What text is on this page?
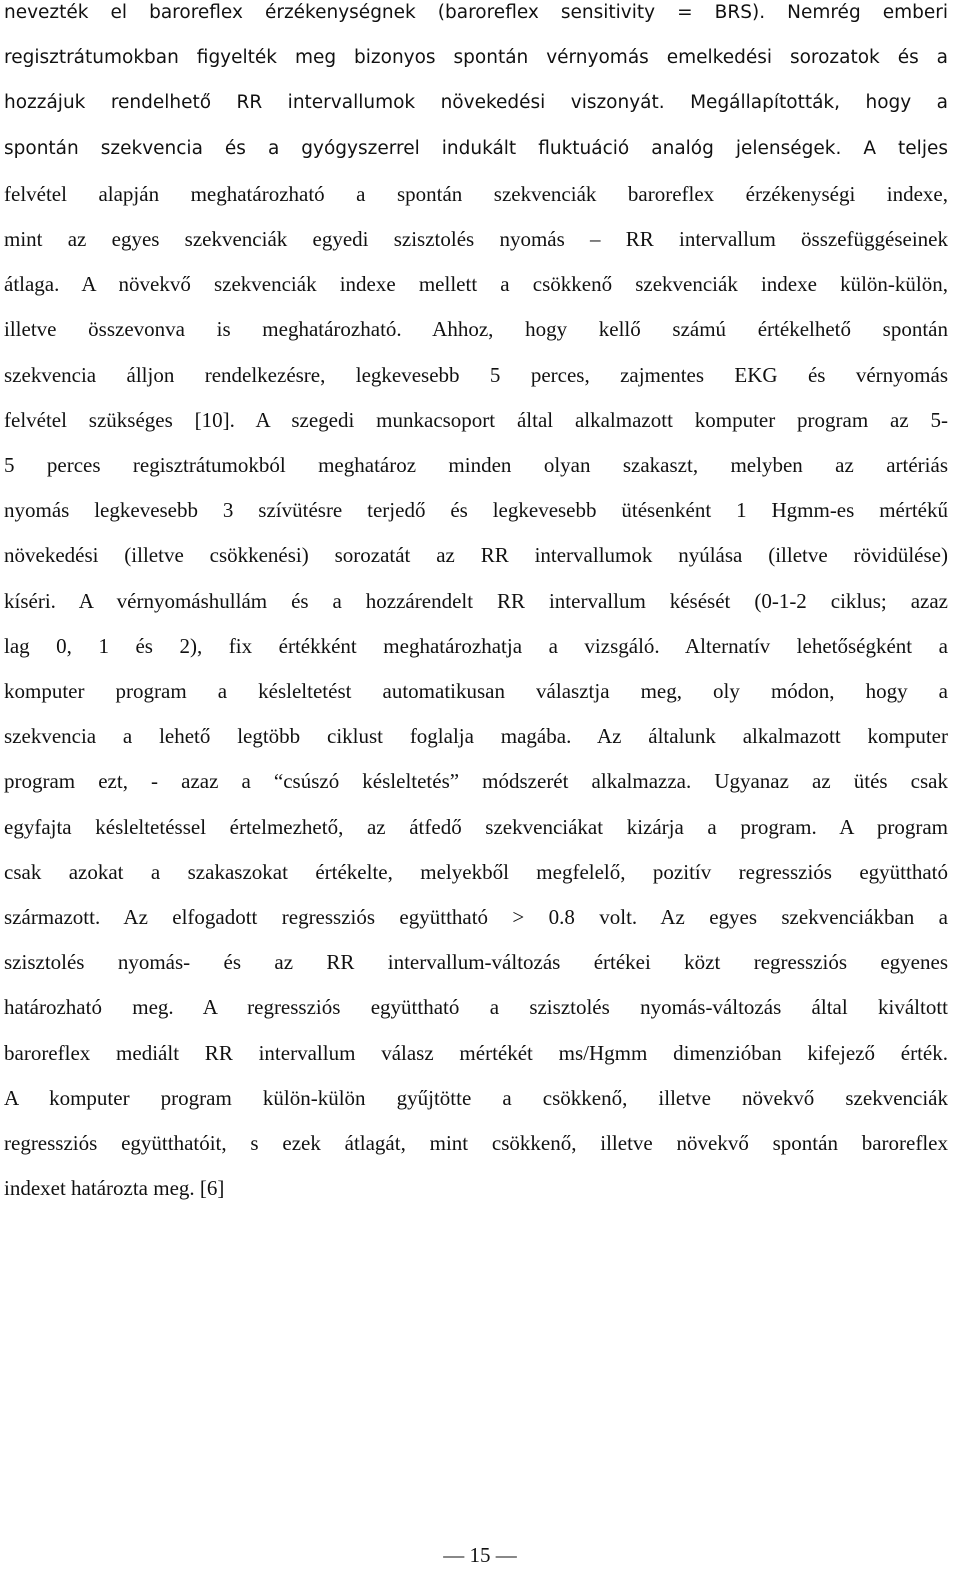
nevezték el baroreflex érzékenységnek (baroreflex sensitivity = BRS). Nemrég emberi
regisztrátumokban figyelték meg bizonyos spontán vérnyomás emelkedési sorozatok és a
hozzájuk rendelhető RR intervallumok növekedési viszonyát. Megállapították, hogy a
spontán szekvencia és a gyógyszerrel indukált fluktuáció analóg jelenségek. A teljes
felvétel alapján meghatározható a spontán szekvenciák baroreflex érzékenységi indexe,
mint az egyes szekvenciák egyedi szisztolés nyomás – RR intervallum összefüggéseinek
átlaga. A növekvő szekvenciák indexe mellett a csökkenő szekvenciák indexe külön-külön,
illetve összevonva is meghatározható. Ahhoz, hogy kellő számú értékelhető spontán
szekvencia álljon rendelkezésre, legkevesebb 5 perces, zajmentes EKG és vérnyomás
felvétel szükséges [10]. A szegedi munkacsoport által alkalmazott komputer program az 5-
5 perces regisztrátumokból meghatároz minden olyan szakaszt, melyben az artériás
nyomás legkevesebb 3 szívütésre terjedő és legkevesebb ütésenként 1 Hgmm-es mértékű
növekedési (illetve csökkenési) sorozatát az RR intervallumok nyúlása (illetve rövidülése)
kíséri. A vérnyomáshullám és a hozzárendelt RR intervallum késését (0-1-2 ciklus; azaz
lag 0, 1 és 2), fix értékként meghatározhatja a vizsgáló. Alternatív lehetőségként a
komputer program a késleltetést automatikusan választja meg, oly módon, hogy a
szekvencia a lehető legtöbb ciklust foglalja magába. Az általunk alkalmazott komputer
program ezt, - azaz a “csúszó késleltetés” módszerét alkalmazza. Ugyanaz az ütés csak
egyfajta késleltetéssel értelmezhető, az átfedő szekvenciákat kizárja a program. A program
csak azokat a szakaszokat értékelte, melyekből megfelelő, pozitív regressziós együttható
származott. Az elfogadott regressziós együttható > 0.8 volt. Az egyes szekvenciákban a
szisztolés nyomás- és az RR intervallum-változás értékei közt regressziós egyenes
határozható meg. A regressziós együttható a szisztolés nyomás-változás által kiváltott
baroreflex mediált RR intervallum válasz mértékét ms/Hgmm dimenzióban kifejező érték.
A komputer program külön-külön gyűjtötte a csökkenő, illetve növekvő szekvenciák
regressziós együtthatóit, s ezek átlagát, mint csökkenő, illetve növekvő spontán baroreflex
indexet határozta meg. [6]
— 15 —
